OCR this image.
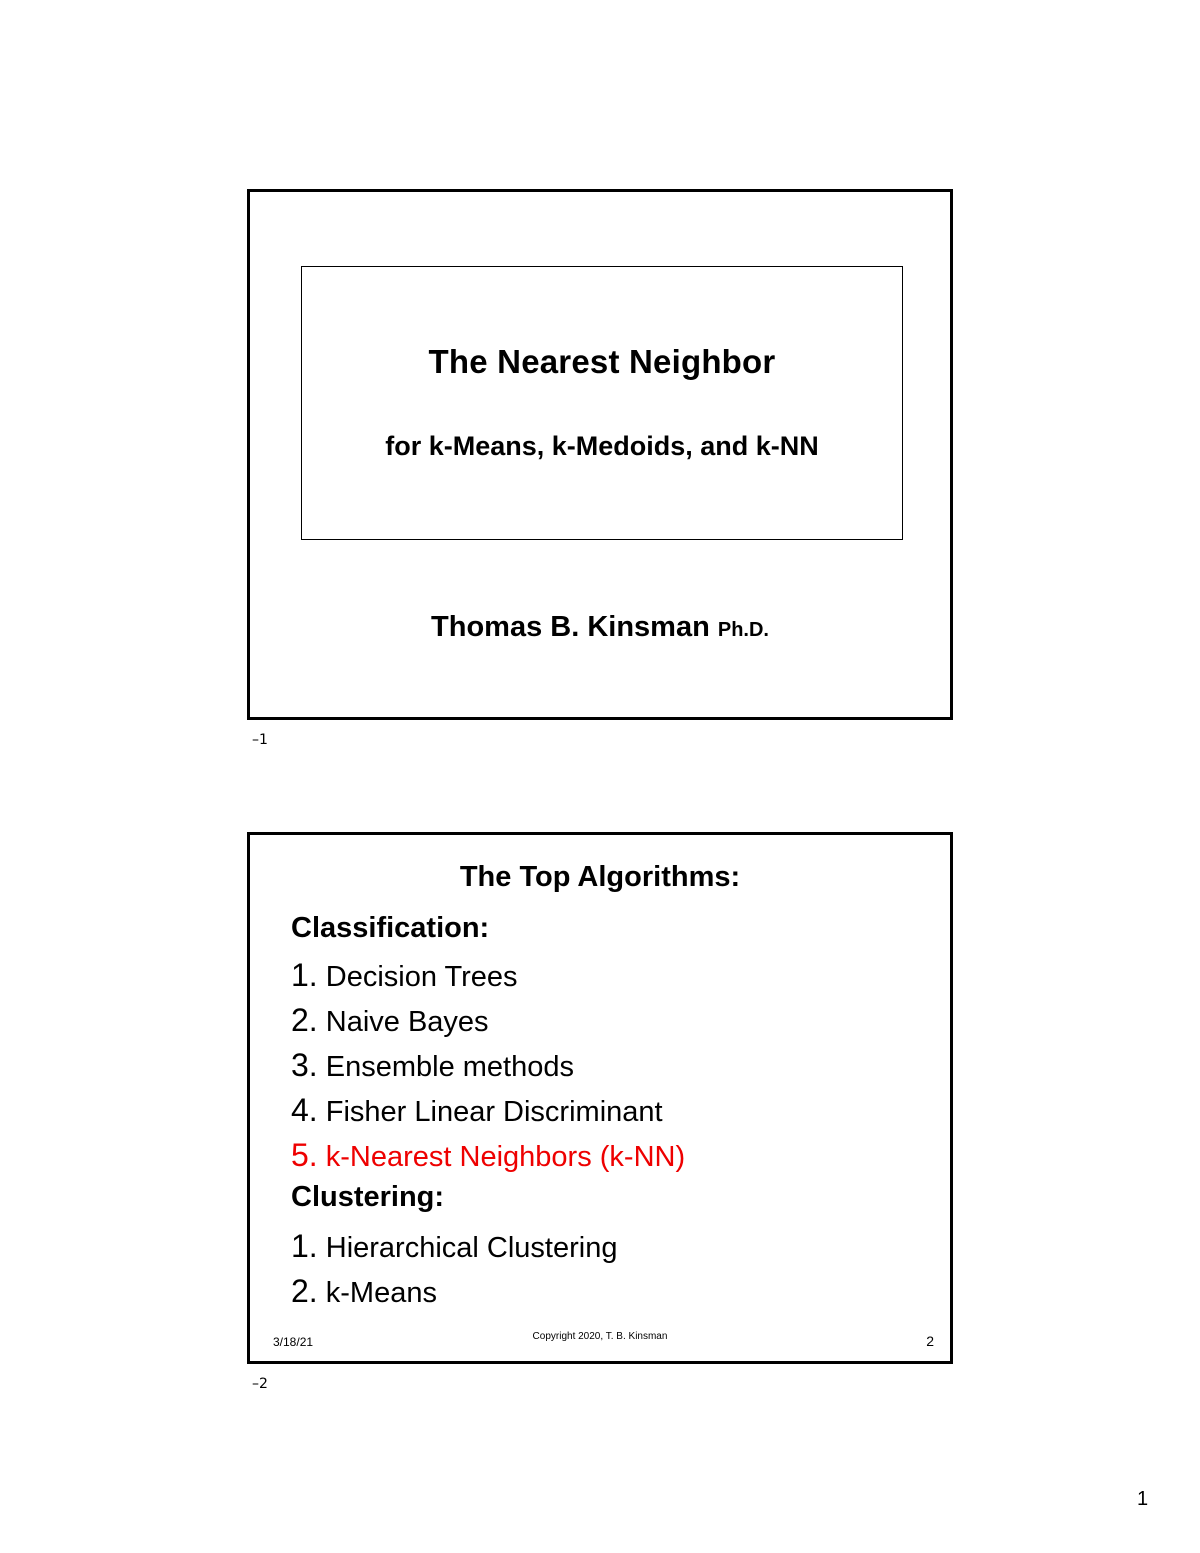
The Nearest Neighbor
for k-Means, k-Medoids, and k-NN
Thomas B. Kinsman Ph.D.
–1
The Top Algorithms:
Classification:
1. Decision Trees
2. Naive Bayes
3. Ensemble methods
4. Fisher Linear Discriminant
5. k-Nearest Neighbors (k-NN)
Clustering:
1. Hierarchical Clustering
2. k-Means
3/18/21	Copyright 2020, T. B. Kinsman	2
–2
1
